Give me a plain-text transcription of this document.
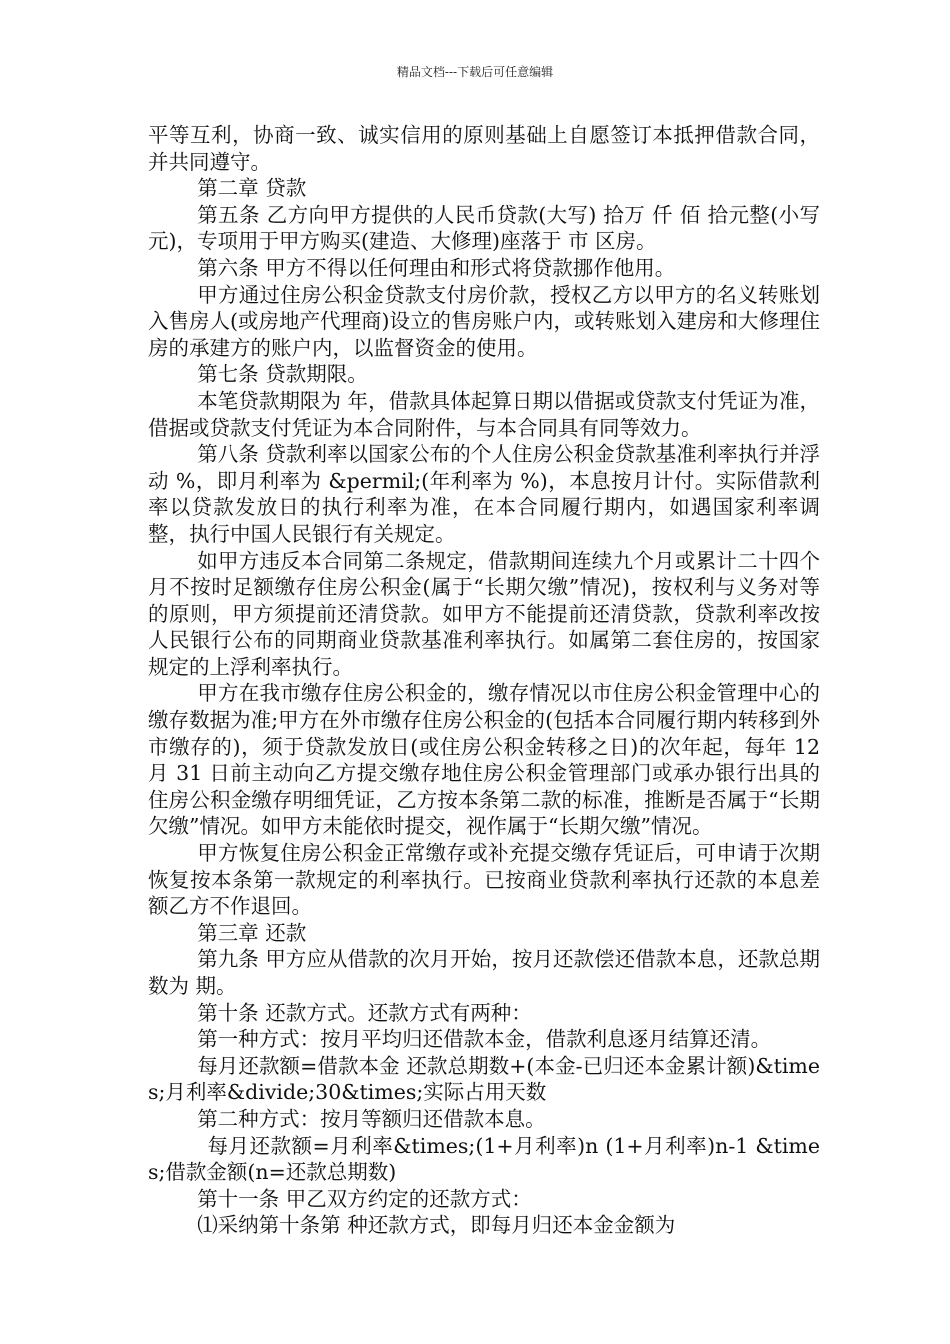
精品文档---下载后可任意编辑

平等互利，协商一致、诚实信用的原则基础上自愿签订本抵押借款合同，并共同遵守。

第二章 贷款

第五条 乙方向甲方提供的人民币贷款(大写) 拾万 仟 佰 拾元整(小写 元)，专项用于甲方购买(建造、大修理)座落于 市 区房。

第六条 甲方不得以任何理由和形式将贷款挪作他用。

甲方通过住房公积金贷款支付房价款，授权乙方以甲方的名义转账划入售房人(或房地产代理商)设立的售房账户内，或转账划入建房和大修理住房的承建方的账户内，以监督资金的使用。

第七条 贷款期限。

本笔贷款期限为 年，借款具体起算日期以借据或贷款支付凭证为准，借据或贷款支付凭证为本合同附件，与本合同具有同等效力。

第八条 贷款利率以国家公布的个人住房公积金贷款基准利率执行并浮动 %，即月利率为 &permil;(年利率为 %)，本息按月计付。实际借款利率以贷款发放日的执行利率为准，在本合同履行期内，如遇国家利率调整，执行中国人民银行有关规定。

如甲方违反本合同第二条规定，借款期间连续九个月或累计二十四个月不按时足额缴存住房公积金(属于“长期欠缴”情况)，按权利与义务对等的原则，甲方须提前还清贷款。如甲方不能提前还清贷款，贷款利率改按人民银行公布的同期商业贷款基准利率执行。如属第二套住房的，按国家规定的上浮利率执行。

甲方在我市缴存住房公积金的，缴存情况以市住房公积金管理中心的缴存数据为准;甲方在外市缴存住房公积金的(包括本合同履行期内转移到外市缴存的)，须于贷款发放日(或住房公积金转移之日)的次年起，每年 12 月 31 日前主动向乙方提交缴存地住房公积金管理部门或承办银行出具的住房公积金缴存明细凭证，乙方按本条第二款的标准，推断是否属于“长期欠缴”情况。如甲方未能依时提交，视作属于“长期欠缴”情况。

甲方恢复住房公积金正常缴存或补充提交缴存凭证后，可申请于次期恢复按本条第一款规定的利率执行。已按商业贷款利率执行还款的本息差额乙方不作退回。

第三章 还款

第九条 甲方应从借款的次月开始，按月还款偿还借款本息，还款总期数为 期。

第十条 还款方式。还款方式有两种：

第一种方式：按月平均归还借款本金，借款利息逐月结算还清。

每月还款额=借款本金 还款总期数+(本金-已归还本金累计额)&times;月利率&divide;30&times;实际占用天数

第二种方式：按月等额归还借款本息。

每月还款额=月利率&times;(1+月利率)n (1+月利率)n-1 &times;借款金额(n=还款总期数)

第十一条 甲乙双方约定的还款方式：

⑴采纳第十条第 种还款方式，即每月归还本金金额为
